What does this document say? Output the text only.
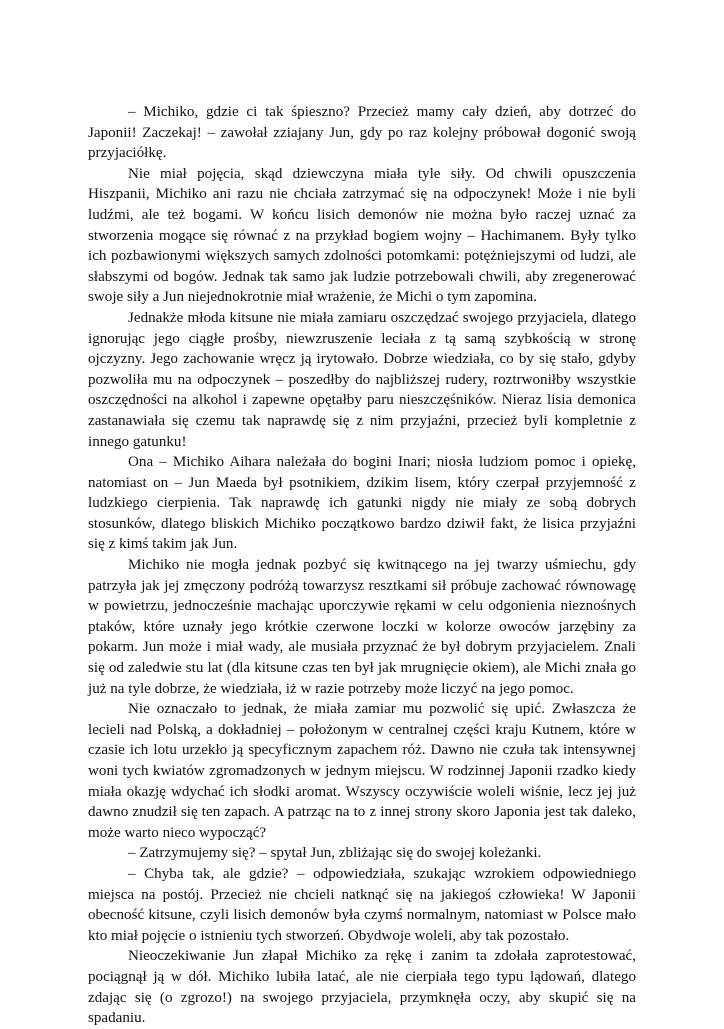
– Michiko, gdzie ci tak śpieszno? Przecież mamy cały dzień, aby dotrzeć do Japonii! Zaczekaj! – zawołał zziajany Jun, gdy po raz kolejny próbował dogonić swoją przyjaciółkę.

Nie miał pojęcia, skąd dziewczyna miała tyle siły. Od chwili opuszczenia Hiszpanii, Michiko ani razu nie chciała zatrzymać się na odpoczynek! Może i nie byli ludźmi, ale też bogami. W końcu lisich demonów nie można było raczej uznać za stworzenia mogące się równać z na przykład bogiem wojny – Hachimanem. Były tylko ich pozbawionymi większych samych zdolności potomkami: potężniejszymi od ludzi, ale słabszymi od bogów. Jednak tak samo jak ludzie potrzebowali chwili, aby zregenerować swoje siły a Jun niejednokrotnie miał wrażenie, że Michi o tym zapomina.

Jednakże młoda kitsune nie miała zamiaru oszczędzać swojego przyjaciela, dlatego ignorując jego ciągłe prośby, niewzruszenie leciała z tą samą szybkością w stronę ojczyzny. Jego zachowanie wręcz ją irytowało. Dobrze wiedziała, co by się stało, gdyby pozwoliła mu na odpoczynek – poszedłby do najbliższej rudery, roztrwoniłby wszystkie oszczędności na alkohol i zapewne opętałby paru nieszczęśników. Nieraz lisia demonica zastanawiała się czemu tak naprawdę się z nim przyjaźni, przecież byli kompletnie z innego gatunku!

Ona – Michiko Aihara należała do bogini Inari; niosła ludziom pomoc i opiekę, natomiast on – Jun Maeda był psotnikiem, dzikim lisem, który czerpał przyjemność z ludzkiego cierpienia. Tak naprawdę ich gatunki nigdy nie miały ze sobą dobrych stosunków, dlatego bliskich Michiko początkowo bardzo dziwił fakt, że lisica przyjaźni się z kimś takim jak Jun.

Michiko nie mogła jednak pozbyć się kwitnącego na jej twarzy uśmiechu, gdy patrzyła jak jej zmęczony podróżą towarzysz resztkami sił próbuje zachować równowagę w powietrzu, jednocześnie machając uporczywie rękami w celu odgonienia nieznośnych ptaków, które uznały jego krótkie czerwone loczki w kolorze owoców jarzębiny za pokarm. Jun może i miał wady, ale musiała przyznać że był dobrym przyjacielem. Znali się od zaledwie stu lat (dla kitsune czas ten był jak mrugnięcie okiem), ale Michi znała go już na tyle dobrze, że wiedziała, iż w razie potrzeby może liczyć na jego pomoc.

Nie oznaczało to jednak, że miała zamiar mu pozwolić się upić. Zwłaszcza że lecieli nad Polską, a dokładniej – położonym w centralnej części kraju Kutnem, które w czasie ich lotu urzekło ją specyficznym zapachem róż. Dawno nie czuła tak intensywnej woni tych kwiatów zgromadzonych w jednym miejscu. W rodzinnej Japonii rzadko kiedy miała okazję wdychać ich słodki aromat. Wszyscy oczywiście woleli wiśnie, lecz jej już dawno znudził się ten zapach. A patrząc na to z innej strony skoro Japonia jest tak daleko, może warto nieco wypocząć?

– Zatrzymujemy się? – spytał Jun, zbliżając się do swojej koleżanki.

– Chyba tak, ale gdzie? – odpowiedziała, szukając wzrokiem odpowiedniego miejsca na postój. Przecież nie chcieli natknąć się na jakiegoś człowieka! W Japonii obecność kitsune, czyli lisich demonów była czymś normalnym, natomiast w Polsce mało kto miał pojęcie o istnieniu tych stworzeń. Obydwoje woleli, aby tak pozostało.

Nieoczekiwanie Jun złapał Michiko za rękę i zanim ta zdołała zaprotestować, pociągnął ją w dół. Michiko lubiła latać, ale nie cierpiała tego typu lądowań, dlatego zdając się (o zgrozo!) na swojego przyjaciela, przymknęła oczy, aby skupić się na spadaniu.
